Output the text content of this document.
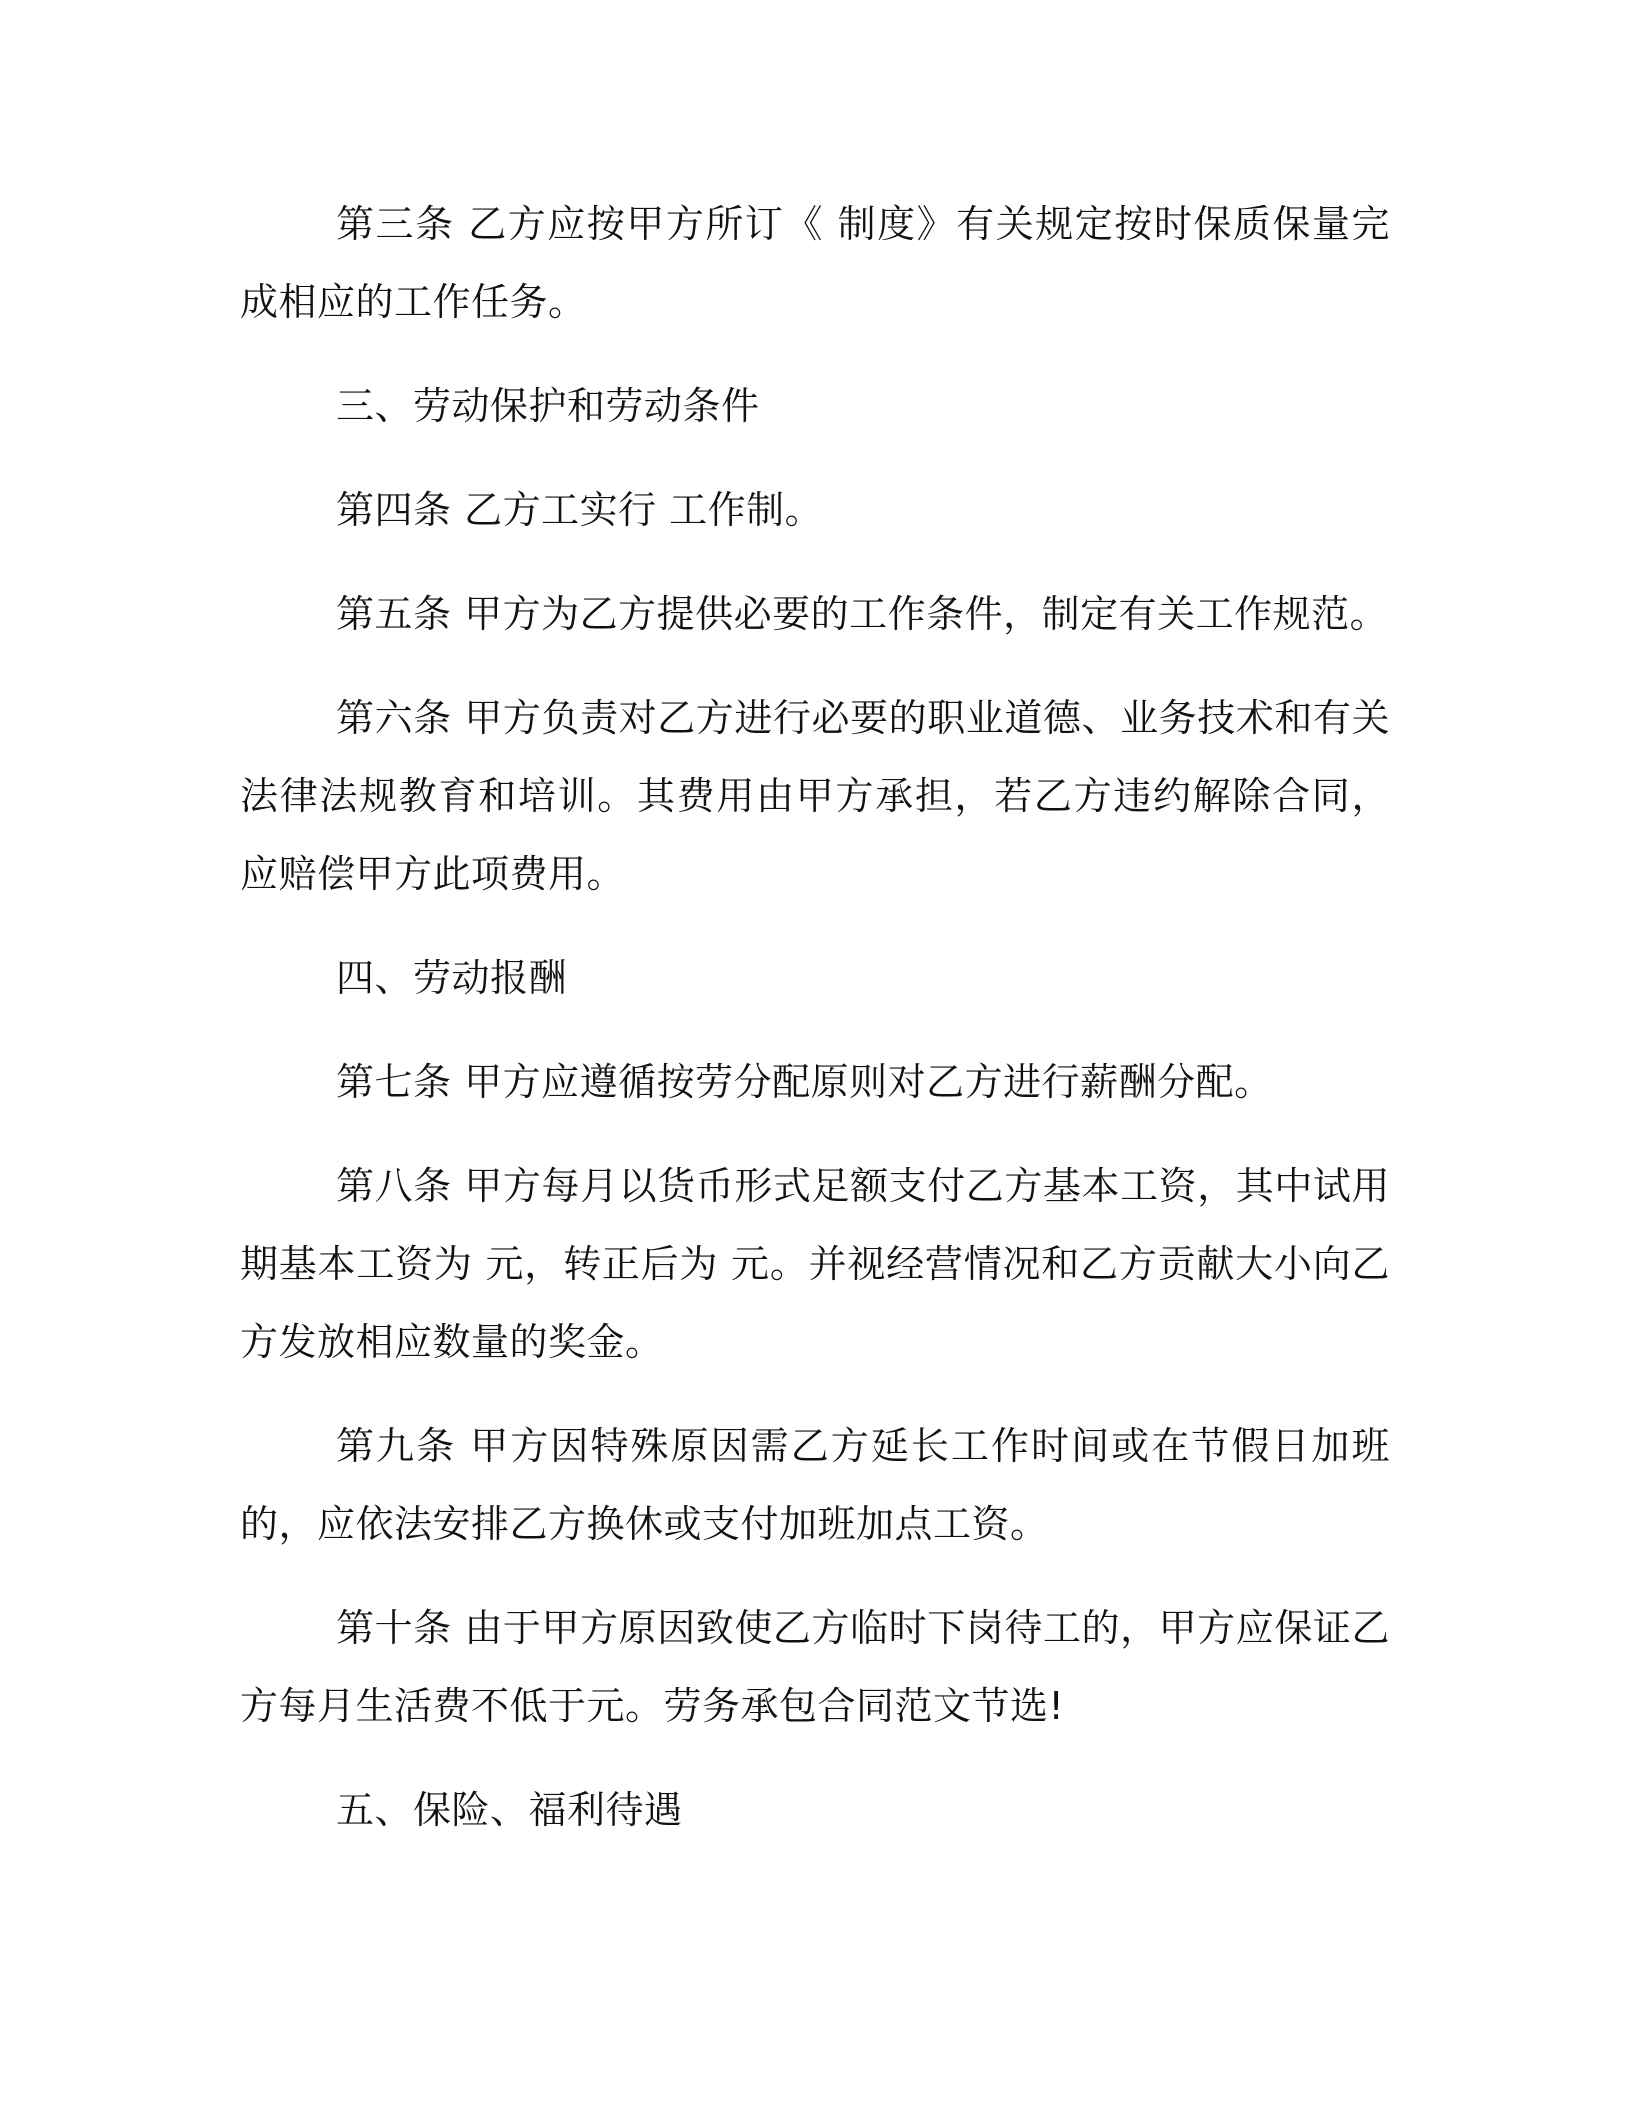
第三条 乙方应按甲方所订《 制度》有关规定按时保质保量完成相应的工作任务。

三、劳动保护和劳动条件

第四条 乙方工实行 工作制。

第五条 甲方为乙方提供必要的工作条件，制定有关工作规范。

第六条 甲方负责对乙方进行必要的职业道德、业务技术和有关法律法规教育和培训。其费用由甲方承担，若乙方违约解除合同，应赔偿甲方此项费用。

四、劳动报酬

第七条 甲方应遵循按劳分配原则对乙方进行薪酬分配。

第八条 甲方每月以货币形式足额支付乙方基本工资，其中试用期基本工资为 元，转正后为 元。并视经营情况和乙方贡献大小向乙方发放相应数量的奖金。

第九条 甲方因特殊原因需乙方延长工作时间或在节假日加班的，应依法安排乙方换休或支付加班加点工资。

第十条 由于甲方原因致使乙方临时下岗待工的，甲方应保证乙方每月生活费不低于元。劳务承包合同范文节选!

五、保险、福利待遇
